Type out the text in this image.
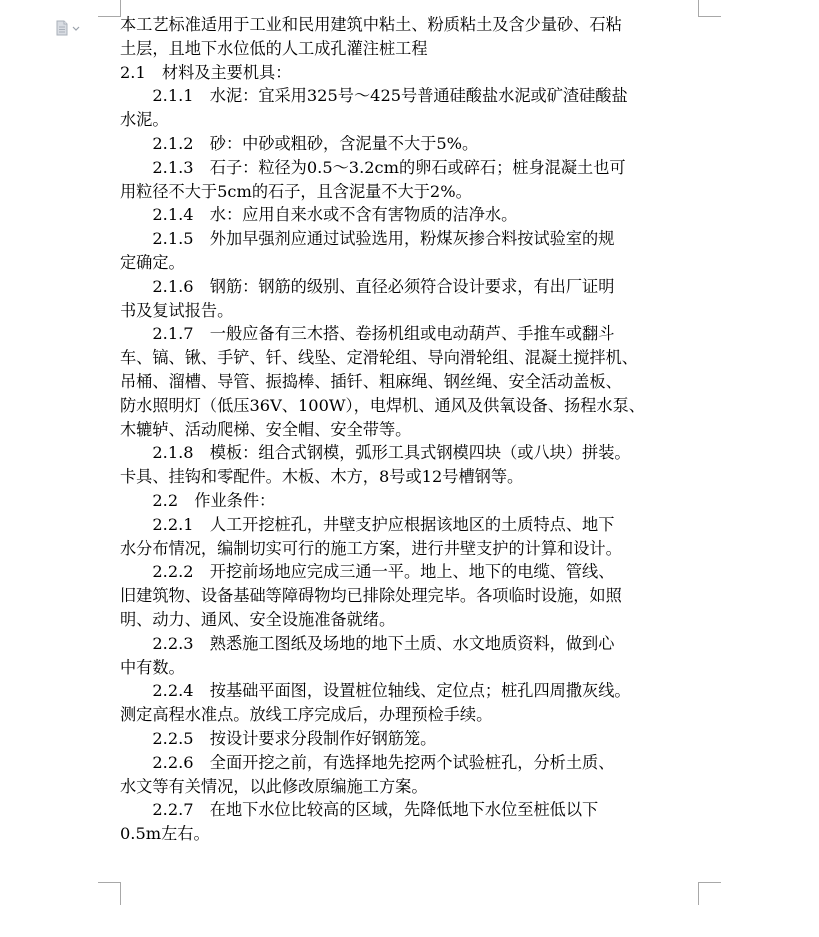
本工艺标准适用于工业和民用建筑中粘土、粉质粘土及含少量砂、石粘
土层，且地下水位低的人工成孔灌注桩工程
2.1　材料及主要机具：
　　2.1.1　水泥：宜采用325号～425号普通硅酸盐水泥或矿渣硅酸盐
水泥。
　　2.1.2　砂：中砂或粗砂，含泥量不大于5%。
　　2.1.3　石子：粒径为0.5～3.2cm的卵石或碎石；桩身混凝土也可
用粒径不大于5cm的石子，且含泥量不大于2%。
　　2.1.4　水：应用自来水或不含有害物质的洁净水。
　　2.1.5　外加早强剂应通过试验选用，粉煤灰掺合料按试验室的规
定确定。
　　2.1.6　钢筋：钢筋的级别、直径必须符合设计要求，有出厂证明
书及复试报告。
　　2.1.7　一般应备有三木搭、卷扬机组或电动葫芦、手推车或翻斗
车、镐、锹、手铲、钎、线坠、定滑轮组、导向滑轮组、混凝土搅拌机、
吊桶、溜槽、导管、振捣棒、插钎、粗麻绳、钢丝绳、安全活动盖板、
防水照明灯（低压36V、100W），电焊机、通风及供氧设备、扬程水泵、
木辘轳、活动爬梯、安全帽、安全带等。
　　2.1.8　模板：组合式钢模，弧形工具式钢模四块（或八块）拼装。
卡具、挂钩和零配件。木板、木方，8号或12号槽钢等。
　　2.2　作业条件：
　　2.2.1　人工开挖桩孔，井壁支护应根据该地区的土质特点、地下
水分布情况，编制切实可行的施工方案，进行井壁支护的计算和设计。
　　2.2.2　开挖前场地应完成三通一平。地上、地下的电缆、管线、
旧建筑物、设备基础等障碍物均已排除处理完毕。各项临时设施，如照
明、动力、通风、安全设施准备就绪。
　　2.2.3　熟悉施工图纸及场地的地下土质、水文地质资料，做到心
中有数。
　　2.2.4　按基础平面图，设置桩位轴线、定位点；桩孔四周撒灰线。
测定高程水准点。放线工序完成后，办理预检手续。
　　2.2.5　按设计要求分段制作好钢筋笼。
　　2.2.6　全面开挖之前，有选择地先挖两个试验桩孔，分析土质、
水文等有关情况，以此修改原编施工方案。
　　2.2.7　在地下水位比较高的区域，先降低地下水位至桩低以下
0.5m左右。
